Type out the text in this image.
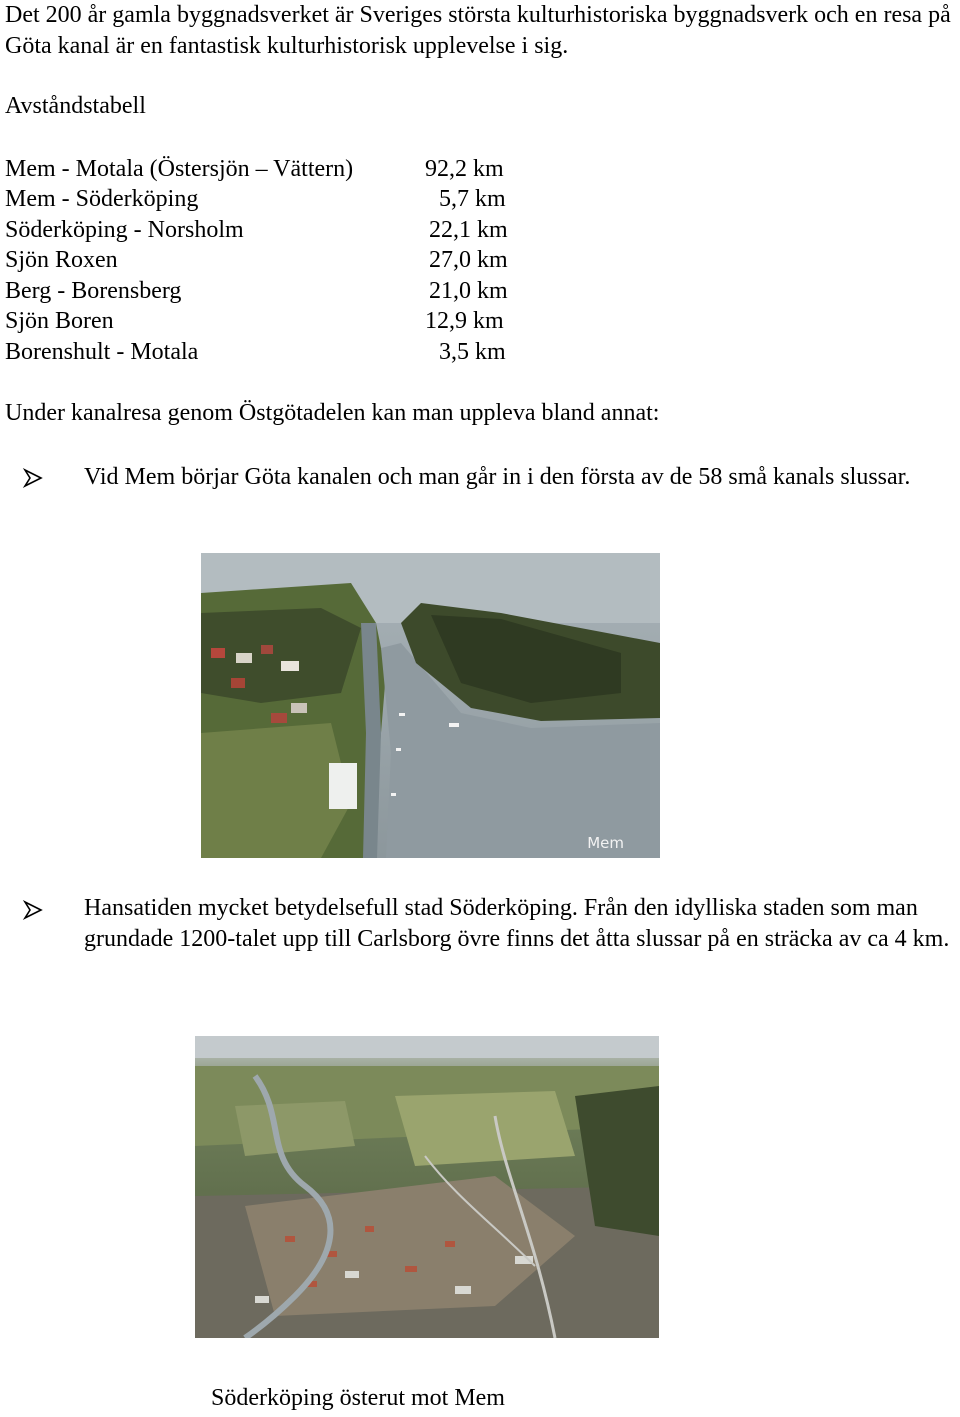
Det 200 år gamla byggnadsverket är Sveriges största kulturhistoriska byggnadsverk och en resa på Göta kanal är en fantastisk kulturhistorisk upplevelse i sig.
Avståndstabell
Mem - Motala (Östersjön – Vättern)	92,2 km
Mem - Söderköping	5,7 km
Söderköping - Norsholm	22,1 km
Sjön Roxen	27,0 km
Berg - Borensberg	21,0 km
Sjön Boren	12,9 km
Borenshult - Motala	3,5 km
Under kanalresa genom Östgötadelen kan man uppleva bland annat:
Vid Mem börjar Göta kanalen och man går in i den första av de 58 små kanals slussar.
Mem
Hansatiden mycket betydelsefull stad Söderköping. Från den idylliska staden som man grundade 1200-talet upp till Carlsborg övre finns det åtta slussar på en sträcka av ca 4 km.
Söderköping österut mot Mem
